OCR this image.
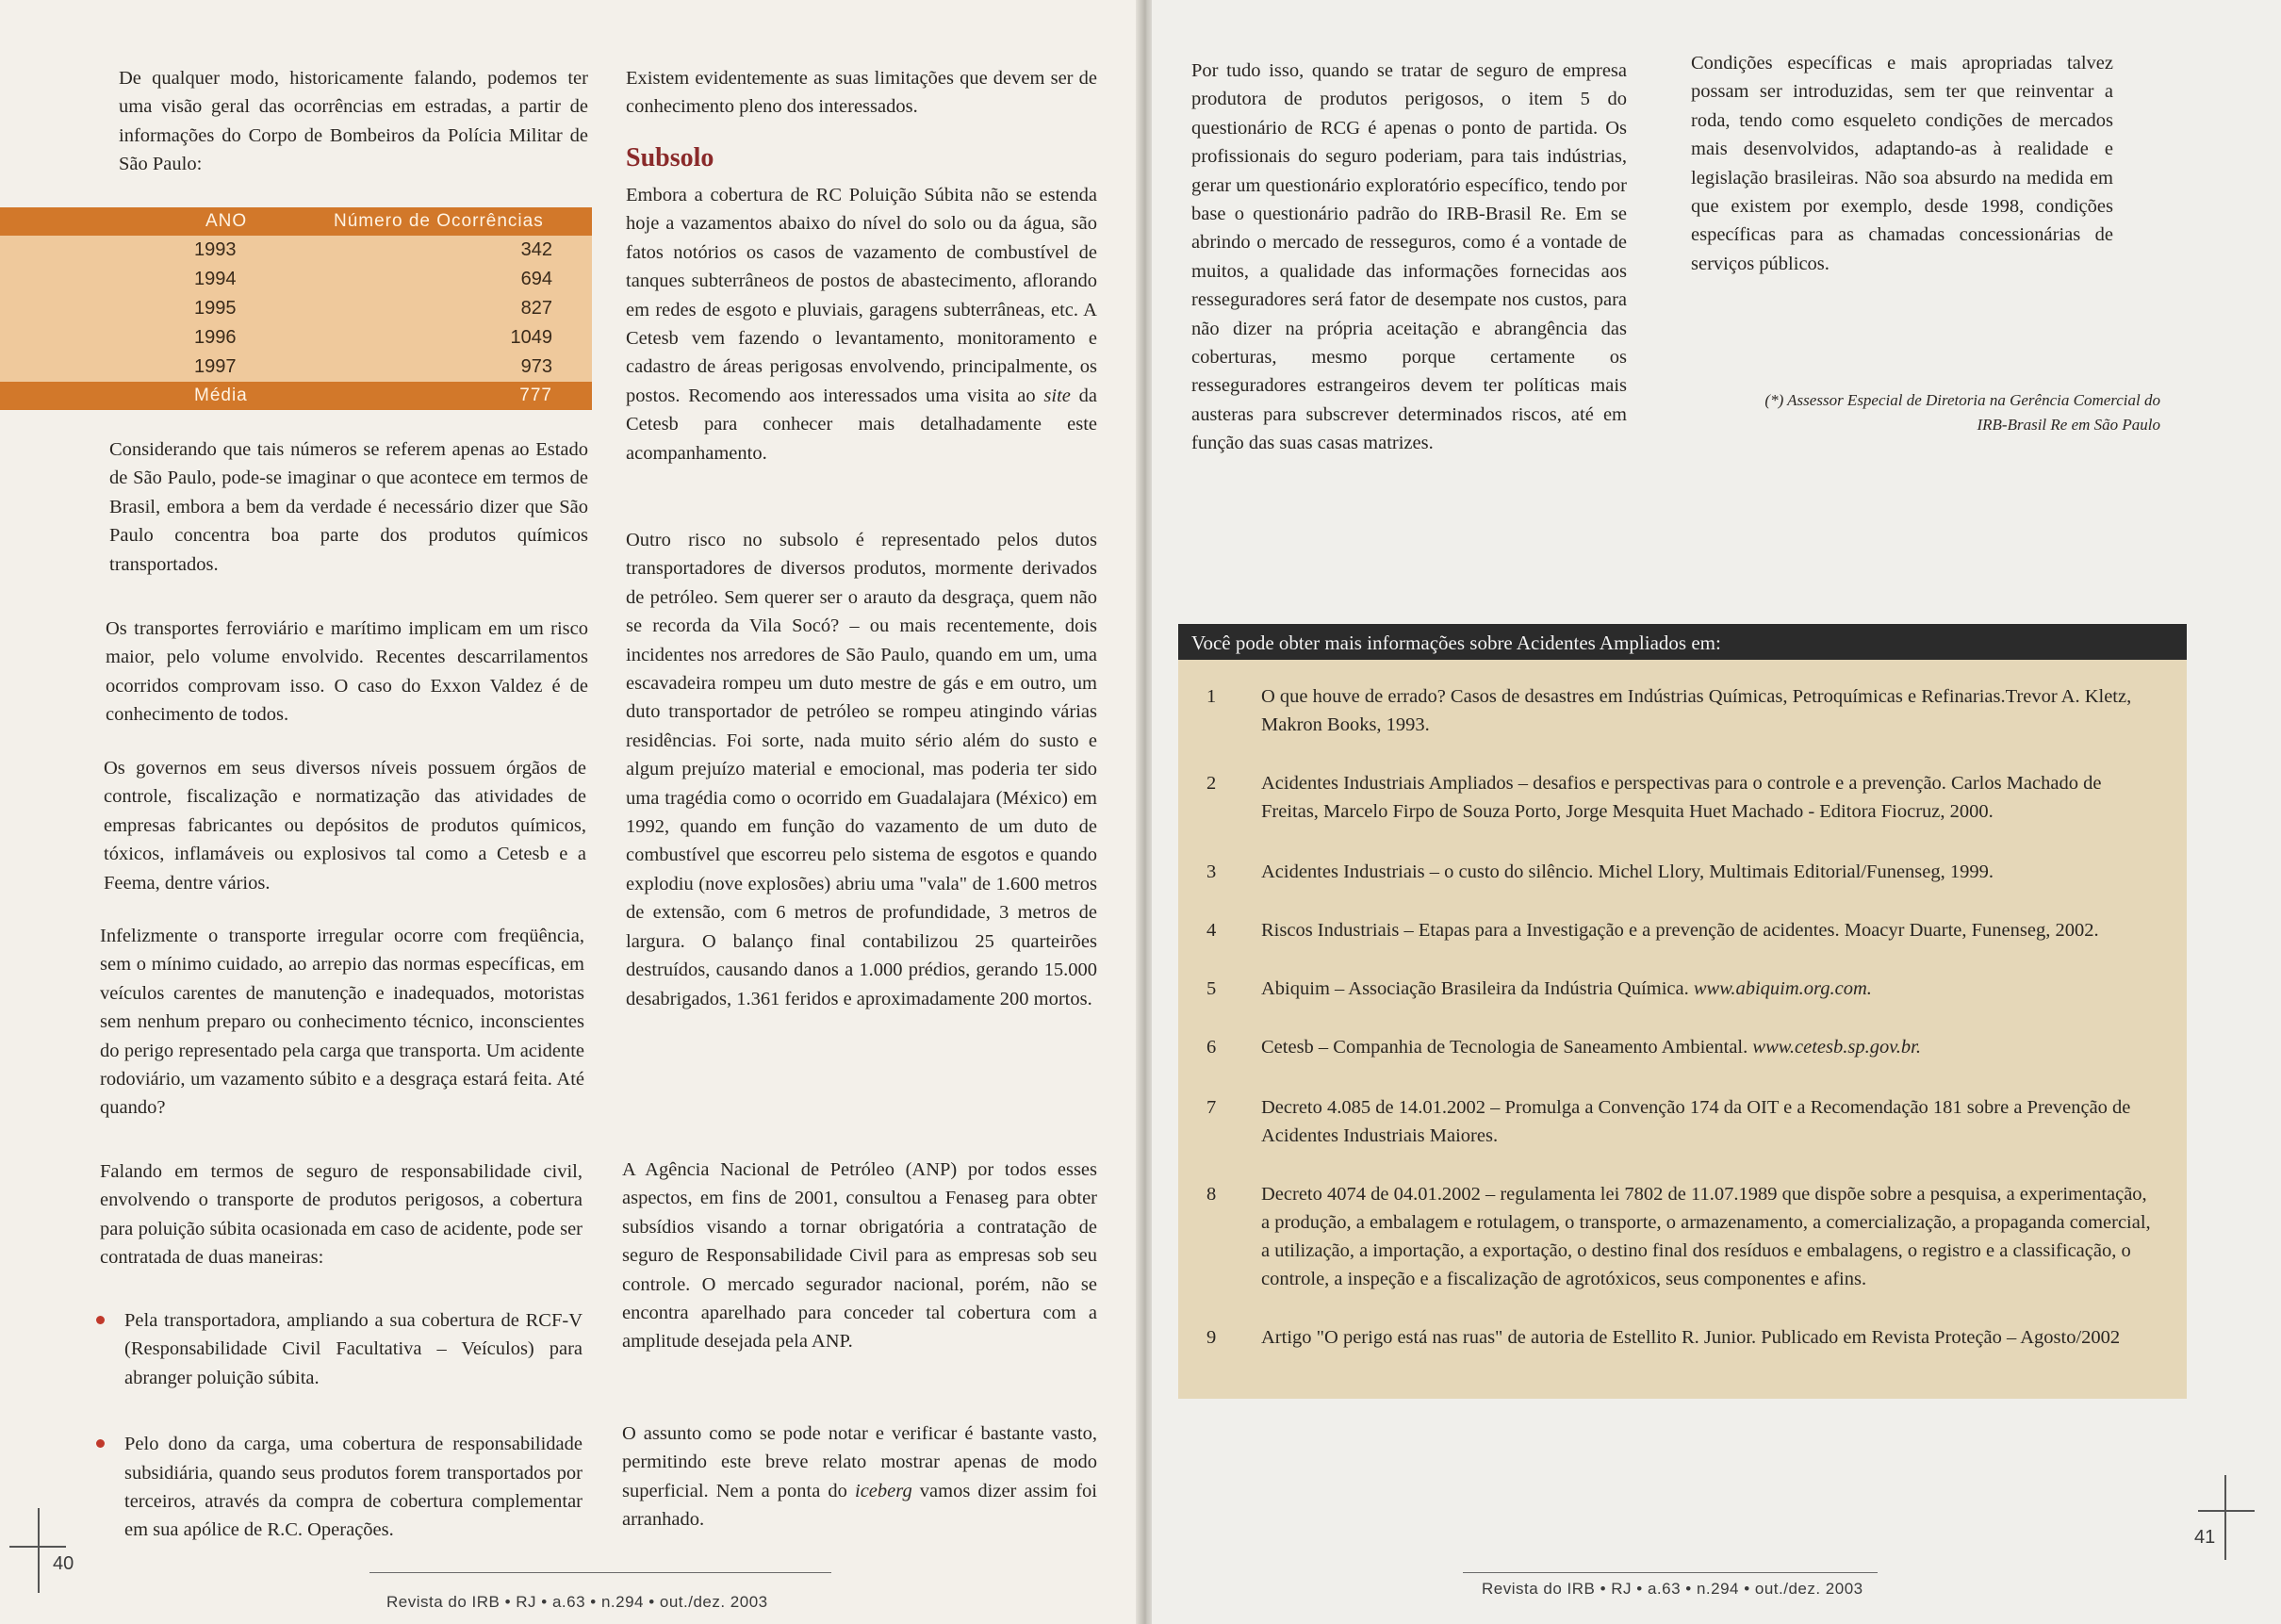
De qualquer modo, historicamente falando, podemos ter uma visão geral das ocorrências em estradas, a partir de informações do Corpo de Bombeiros da Polícia Militar de São Paulo:

ANO	Número de Ocorrências
1993	342
1994	694
1995	827
1996	1049
1997	973
Média	777

Considerando que tais números se referem apenas ao Estado de São Paulo, pode-se imaginar o que acontece em termos de Brasil, embora a bem da verdade é necessário dizer que São Paulo concentra boa parte dos produtos químicos transportados.

Os transportes ferroviário e marítimo implicam em um risco maior, pelo volume envolvido. Recentes descarrilamentos ocorridos comprovam isso. O caso do Exxon Valdez é de conhecimento de todos.

Os governos em seus diversos níveis possuem órgãos de controle, fiscalização e normatização das atividades de empresas fabricantes ou depósitos de produtos químicos, tóxicos, inflamáveis ou explosivos tal como a Cetesb e a Feema, dentre vários.

Infelizmente o transporte irregular ocorre com freqüência, sem o mínimo cuidado, ao arrepio das normas específicas, em veículos carentes de manutenção e inadequados, motoristas sem nenhum preparo ou conhecimento técnico, inconscientes do perigo representado pela carga que transporta. Um acidente rodoviário, um vazamento súbito e a desgraça estará feita. Até quando?

Falando em termos de seguro de responsabilidade civil, envolvendo o transporte de produtos perigosos, a cobertura para poluição súbita ocasionada em caso de acidente, pode ser contratada de duas maneiras:

Pela transportadora, ampliando a sua cobertura de RCF-V (Responsabilidade Civil Facultativa – Veículos) para abranger poluição súbita.
Pelo dono da carga, uma cobertura de responsabilidade subsidiária, quando seus produtos forem transportados por terceiros, através da compra de cobertura complementar em sua apólice de R.C. Operações.

Existem evidentemente as suas limitações que devem ser de conhecimento pleno dos interessados.

Subsolo

Embora a cobertura de RC Poluição Súbita não se estenda hoje a vazamentos abaixo do nível do solo ou da água, são fatos notórios os casos de vazamento de combustível de tanques subterrâneos de postos de abastecimento, aflorando em redes de esgoto e pluviais, garagens subterrâneas, etc. A Cetesb vem fazendo o levantamento, monitoramento e cadastro de áreas perigosas envolvendo, principalmente, os postos. Recomendo aos interessados uma visita ao site da Cetesb para conhecer mais detalhadamente este acompanhamento.

Outro risco no subsolo é representado pelos dutos transportadores de diversos produtos, mormente derivados de petróleo. Sem querer ser o arauto da desgraça, quem não se recorda da Vila Socó? – ou mais recentemente, dois incidentes nos arredores de São Paulo, quando em um, uma escavadeira rompeu um duto mestre de gás e em outro, um duto transportador de petróleo se rompeu atingindo várias residências. Foi sorte, nada muito sério além do susto e algum prejuízo material e emocional, mas poderia ter sido uma tragédia como o ocorrido em Guadalajara (México) em 1992, quando em função do vazamento de um duto de combustível que escorreu pelo sistema de esgotos e quando explodiu (nove explosões) abriu uma "vala" de 1.600 metros de extensão, com 6 metros de profundidade, 3 metros de largura. O balanço final contabilizou 25 quarteirões destruídos, causando danos a 1.000 prédios, gerando 15.000 desabrigados, 1.361 feridos e aproximadamente 200 mortos.

A Agência Nacional de Petróleo (ANP) por todos esses aspectos, em fins de 2001, consultou a Fenaseg para obter subsídios visando a tornar obrigatória a contratação de seguro de Responsabilidade Civil para as empresas sob seu controle. O mercado segurador nacional, porém, não se encontra aparelhado para conceder tal cobertura com a amplitude desejada pela ANP.

O assunto como se pode notar e verificar é bastante vasto, permitindo este breve relato mostrar apenas de modo superficial. Nem a ponta do iceberg vamos dizer assim foi arranhado.

40
Revista do IRB • RJ • a.63 • n.294 • out./dez. 2003

Por tudo isso, quando se tratar de seguro de empresa produtora de produtos perigosos, o item 5 do questionário de RCG é apenas o ponto de partida. Os profissionais do seguro poderiam, para tais indústrias, gerar um questionário exploratório específico, tendo por base o questionário padrão do IRB-Brasil Re. Em se abrindo o mercado de resseguros, como é a vontade de muitos, a qualidade das informações fornecidas aos resseguradores será fator de desempate nos custos, para não dizer na própria aceitação e abrangência das coberturas, mesmo porque certamente os resseguradores estrangeiros devem ter políticas mais austeras para subscrever determinados riscos, até em função das suas casas matrizes.

Condições específicas e mais apropriadas talvez possam ser introduzidas, sem ter que reinventar a roda, tendo como esqueleto condições de mercados mais desenvolvidos, adaptando-as à realidade e legislação brasileiras. Não soa absurdo na medida em que existem por exemplo, desde 1998, condições específicas para as chamadas concessionárias de serviços públicos.

(*) Assessor Especial de Diretoria na Gerência Comercial do
IRB-Brasil Re em São Paulo
41
Revista do IRB • RJ • a.63 • n.294 • out./dez. 2003
Você pode obter mais informações sobre Acidentes Ampliados em:
1 O que houve de errado? Casos de desastres em Indústrias Químicas, Petroquímicas e Refinarias.Trevor A. Kletz, Makron Books, 1993.
2 Acidentes Industriais Ampliados – desafios e perspectivas para o controle e a prevenção. Carlos Machado de Freitas, Marcelo Firpo de Souza Porto, Jorge Mesquita Huet Machado - Editora Fiocruz, 2000.
3 Acidentes Industriais – o custo do silêncio. Michel Llory, Multimais Editorial/Funenseg, 1999.
4 Riscos Industriais – Etapas para a Investigação e a prevenção de acidentes. Moacyr Duarte, Funenseg, 2002.
5 Abiquim – Associação Brasileira da Indústria Química. www.abiquim.org.com.
6 Cetesb – Companhia de Tecnologia de Saneamento Ambiental. www.cetesb.sp.gov.br.
7 Decreto 4.085 de 14.01.2002 – Promulga a Convenção 174 da OIT e a Recomendação 181 sobre a Prevenção de Acidentes Industriais Maiores.
8 Decreto 4074 de 04.01.2002 – regulamenta lei 7802 de 11.07.1989 que dispõe sobre a pesquisa, a experimentação, a produção, a embalagem e rotulagem, o transporte, o armazenamento, a comercialização, a propaganda comercial, a utilização, a importação, a exportação, o destino final dos resíduos e embalagens, o registro e a classificação, o controle, a inspeção e a fiscalização de agrotóxicos, seus componentes e afins.
9 Artigo "O perigo está nas ruas" de autoria de Estellito R. Junior. Publicado em Revista Proteção – Agosto/2002
